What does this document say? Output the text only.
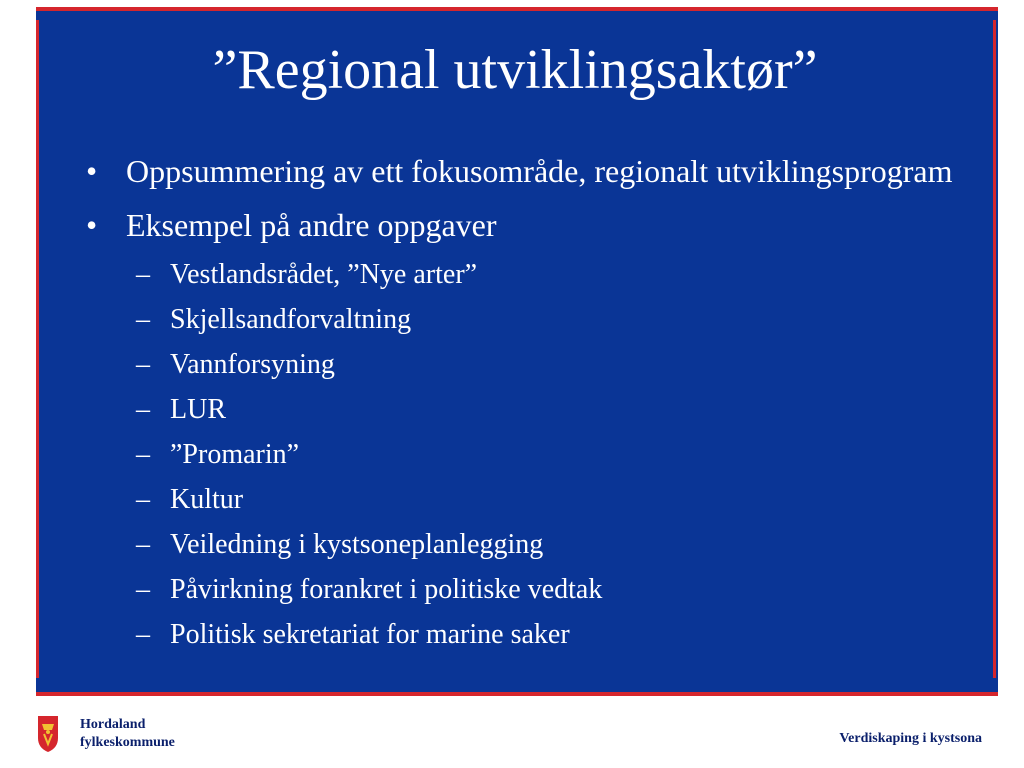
”Regional utviklingsaktør”
• Oppsummering av ett fokusområde, regionalt utviklingsprogram
• Eksempel på andre oppgaver
– Vestlandsrådet, ”Nye arter”
– Skjellsandforvaltning
– Vannforsyning
– LUR
– ”Promarin”
– Kultur
– Veiledning i kystsoneplanlegging
– Påvirkning forankret i politiske vedtak
– Politisk sekretariat for marine saker
Hordaland
fylkeskommune	Verdiskaping i kystsona
